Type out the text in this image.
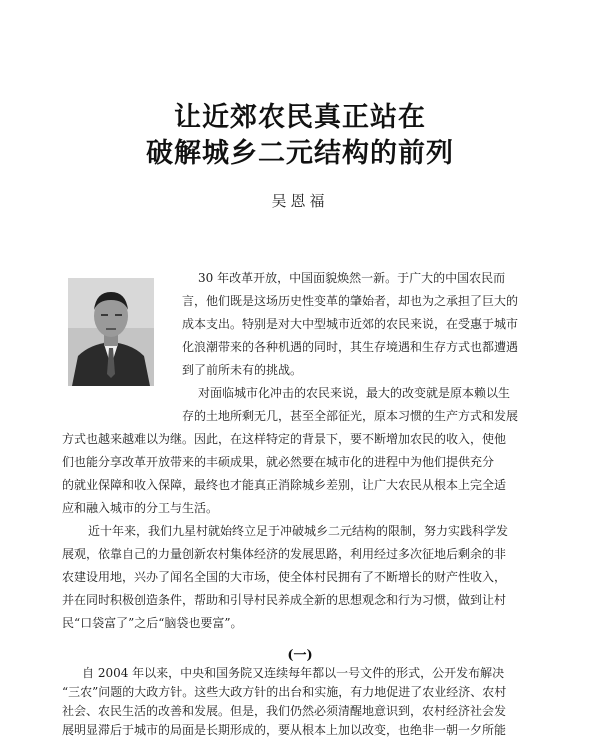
让近郊农民真正站在
破解城乡二元结构的前列
吴恩福
30 年改革开放，中国面貌焕然一新。于广大的中国农民而
言，他们既是这场历史性变革的肇始者，却也为之承担了巨大的
成本支出。特别是对大中型城市近郊的农民来说，在受惠于城市
化浪潮带来的各种机遇的同时，其生存境遇和生存方式也都遭遇
到了前所未有的挑战。
对面临城市化冲击的农民来说，最大的改变就是原本赖以生
存的土地所剩无几，甚至全部征光，原本习惯的生产方式和发展
方式也越来越难以为继。因此，在这样特定的背景下，要不断增加农民的收入，使他
们也能分享改革开放带来的丰硕成果，就必然要在城市化的进程中为他们提供充分
的就业保障和收入保障，最终也才能真正消除城乡差别，让广大农民从根本上完全适
应和融入城市的分工与生活。
近十年来，我们九星村就始终立足于冲破城乡二元结构的限制，努力实践科学发
展观，依靠自己的力量创新农村集体经济的发展思路，利用经过多次征地后剩余的非
农建设用地，兴办了闻名全国的大市场，使全体村民拥有了不断增长的财产性收入，
并在同时积极创造条件，帮助和引导村民养成全新的思想观念和行为习惯，做到让村
民“口袋富了”之后“脑袋也要富”。
(一)
自 2004 年以来，中央和国务院又连续每年都以一号文件的形式，公开发布解决
“三农”问题的大政方针。这些大政方针的出台和实施，有力地促进了农业经济、农村
社会、农民生活的改善和发展。但是，我们仍然必须清醒地意识到，农村经济社会发
展明显滞后于城市的局面是长期形成的，要从根本上加以改变，也绝非一朝一夕所能
